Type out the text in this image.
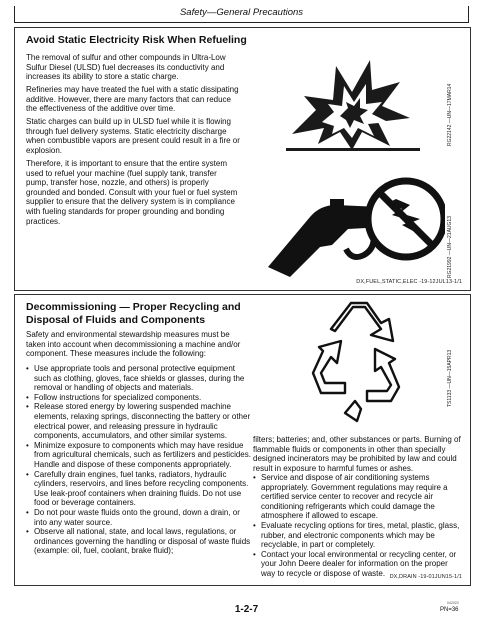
Safety—General Precautions
Avoid Static Electricity Risk When Refueling

The removal of sulfur and other compounds in Ultra-Low Sulfur Diesel (ULSD) fuel decreases its conductivity and increases its ability to store a static charge.

Refineries may have treated the fuel with a static dissipating additive. However, there are many factors that can reduce the effectiveness of the additive over time.

Static charges can build up in ULSD fuel while it is flowing through fuel delivery systems. Static electricity discharge when combustible vapors are present could result in a fire or explosion.

Therefore, it is important to ensure that the entire system used to refuel your machine (fuel supply tank, transfer pump, transfer hose, nozzle, and others) is properly grounded and bonded. Consult with your fuel or fuel system supplier to ensure that the delivery system is in compliance with fueling standards for proper grounding and bonding practices.

RG22142 —UN—17MAR14
RG21992 —UN—21AUG13
DX,FUEL,STATIC,ELEC -19-12JUL13-1/1
Decommissioning — Proper Recycling and
Disposal of Fluids and Components

Safety and environmental stewardship measures must be taken into account when decommissioning a machine and/or component. These measures include the following:

• Use appropriate tools and personal protective equipment such as clothing, gloves, face shields or glasses, during the removal or handling of objects and materials.
• Follow instructions for specialized components.
• Release stored energy by lowering suspended machine elements, relaxing springs, disconnecting the battery or other electrical power, and releasing pressure in hydraulic components, accumulators, and other similar systems.
• Minimize exposure to components which may have residue from agricultural chemicals, such as fertilizers and pesticides. Handle and dispose of these components appropriately.
• Carefully drain engines, fuel tanks, radiators, hydraulic cylinders, reservoirs, and lines before recycling components. Use leak-proof containers when draining fluids. Do not use food or beverage containers.
• Do not pour waste fluids onto the ground, down a drain, or into any water source.
• Observe all national, state, and local laws, regulations, or ordinances governing the handling or disposal of waste fluids (example: oil, fuel, coolant, brake fluid);
TS1133 —UN—15APR13
filters; batteries; and, other substances or parts. Burning of flammable fluids or components in other than specially designed incinerators may be prohibited by law and could result in exposure to harmful fumes or ashes.
• Service and dispose of air conditioning systems appropriately. Government regulations may require a certified service center to recover and recycle air conditioning refrigerants which could damage the atmosphere if allowed to escape.
• Evaluate recycling options for tires, metal, plastic, glass, rubber, and electronic components which may be recyclable, in part or completely.
• Contact your local environmental or recycling center, or your John Deere dealer for information on the proper way to recycle or dispose of waste. DX,DRAIN -19-01JUN15-1/1
1-2-7
042020
PN=36
